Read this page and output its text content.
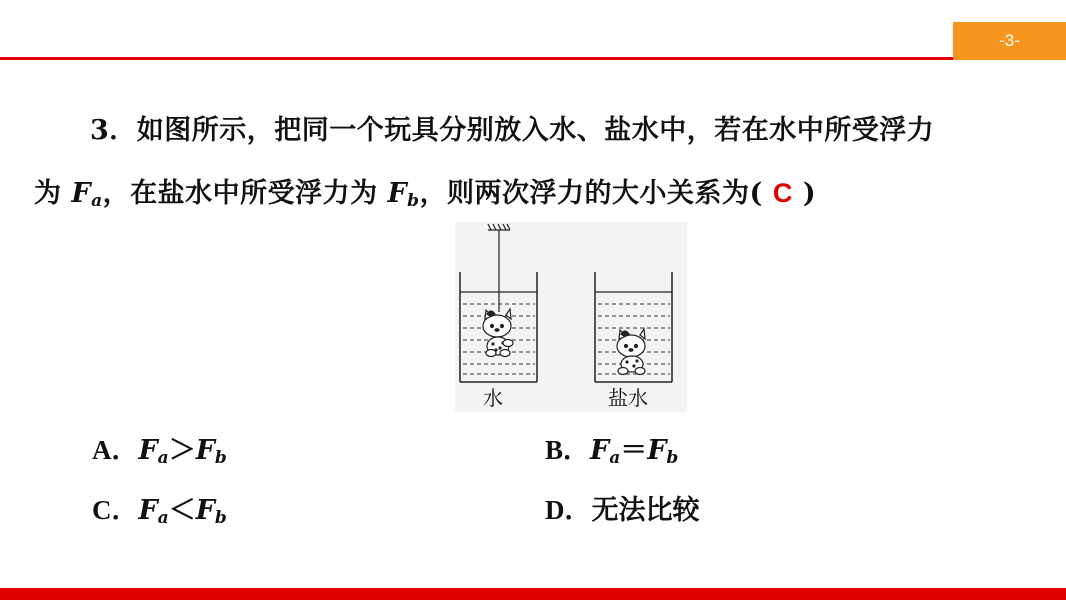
-3-
3．如图所示，把同一个玩具分别放入水、盐水中，若在水中所受浮力
为 $F_a$，在盐水中所受浮力为 $F_b$，则两次浮力的大小关系为( C )
水	盐水
A．$F_a>F_b$	B．$F_a=F_b$
C．$F_a<F_b$	D．无法比较
